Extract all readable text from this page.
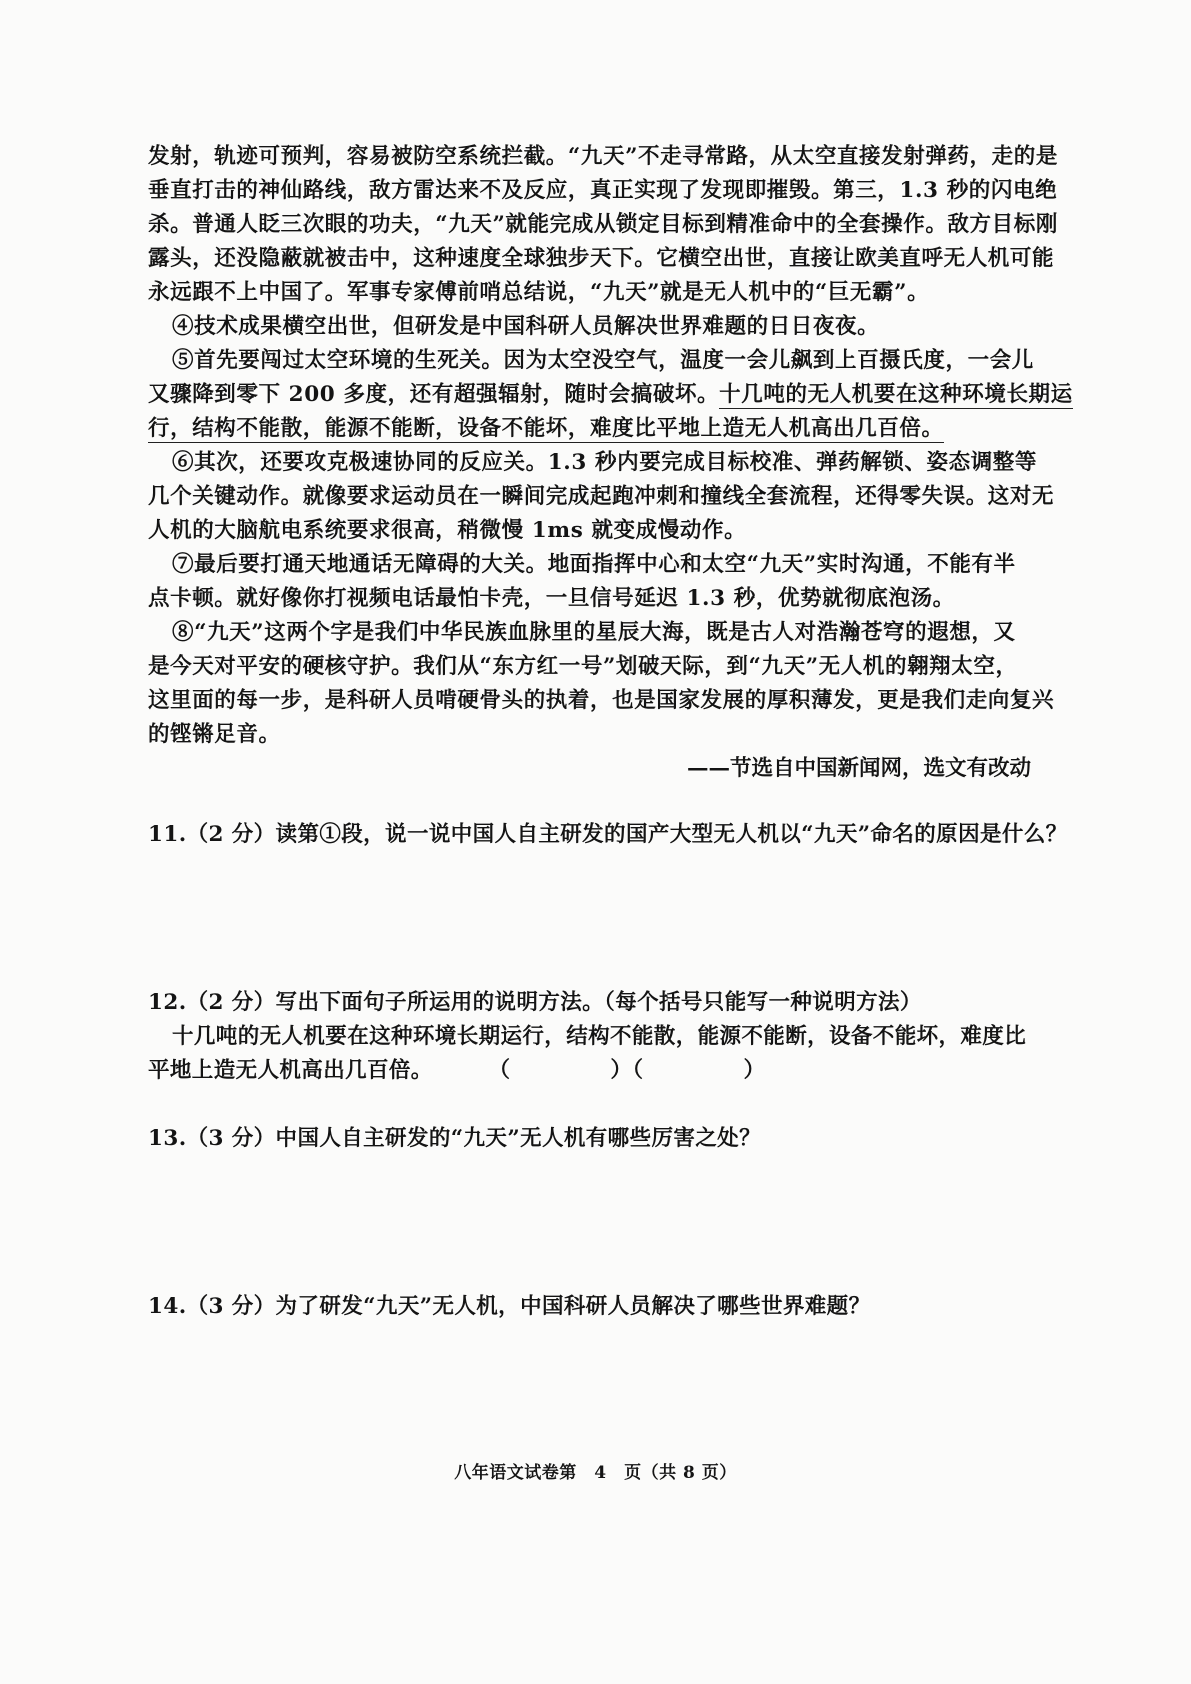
发射，轨迹可预判，容易被防空系统拦截。“九天”不走寻常路，从太空直接发射弹药，走的是
垂直打击的神仙路线，敌方雷达来不及反应，真正实现了发现即摧毁。第三，1.3 秒的闪电绝
杀。普通人眨三次眼的功夫，“九天”就能完成从锁定目标到精准命中的全套操作。敌方目标刚
露头，还没隐蔽就被击中，这种速度全球独步天下。它横空出世，直接让欧美直呼无人机可能
永远跟不上中国了。军事专家傅前哨总结说，“九天”就是无人机中的“巨无霸”。
④技术成果横空出世，但研发是中国科研人员解决世界难题的日日夜夜。
⑤首先要闯过太空环境的生死关。因为太空没空气，温度一会儿飙到上百摄氏度，一会儿
又骤降到零下 200 多度，还有超强辐射，随时会搞破坏。十几吨的无人机要在这种环境长期运
行，结构不能散，能源不能断，设备不能坏，难度比平地上造无人机高出几百倍。
⑥其次，还要攻克极速协同的反应关。1.3 秒内要完成目标校准、弹药解锁、姿态调整等
几个关键动作。就像要求运动员在一瞬间完成起跑冲刺和撞线全套流程，还得零失误。这对无
人机的大脑航电系统要求很高，稍微慢 1ms 就变成慢动作。
⑦最后要打通天地通话无障碍的大关。地面指挥中心和太空“九天”实时沟通，不能有半
点卡顿。就好像你打视频电话最怕卡壳，一旦信号延迟 1.3 秒，优势就彻底泡汤。
⑧“九天”这两个字是我们中华民族血脉里的星辰大海，既是古人对浩瀚苍穹的遐想，又
是今天对平安的硬核守护。我们从“东方红一号”划破天际，到“九天”无人机的翱翔太空，
这里面的每一步，是科研人员啃硬骨头的执着，也是国家发展的厚积薄发，更是我们走向复兴
的铿锵足音。
——节选自中国新闻网，选文有改动
11.（2 分）读第①段，说一说中国人自主研发的国产大型无人机以“九天”命名的原因是什么？
12.（2 分）写出下面句子所运用的说明方法。（每个括号只能写一种说明方法）
十几吨的无人机要在这种环境长期运行，结构不能散，能源不能断，设备不能坏，难度比
平地上造无人机高出几百倍。	（	）（	）
13.（3 分）中国人自主研发的“九天”无人机有哪些厉害之处？
14.（3 分）为了研发“九天”无人机，中国科研人员解决了哪些世界难题？
八年语文试卷第　4　页（共 8 页）
